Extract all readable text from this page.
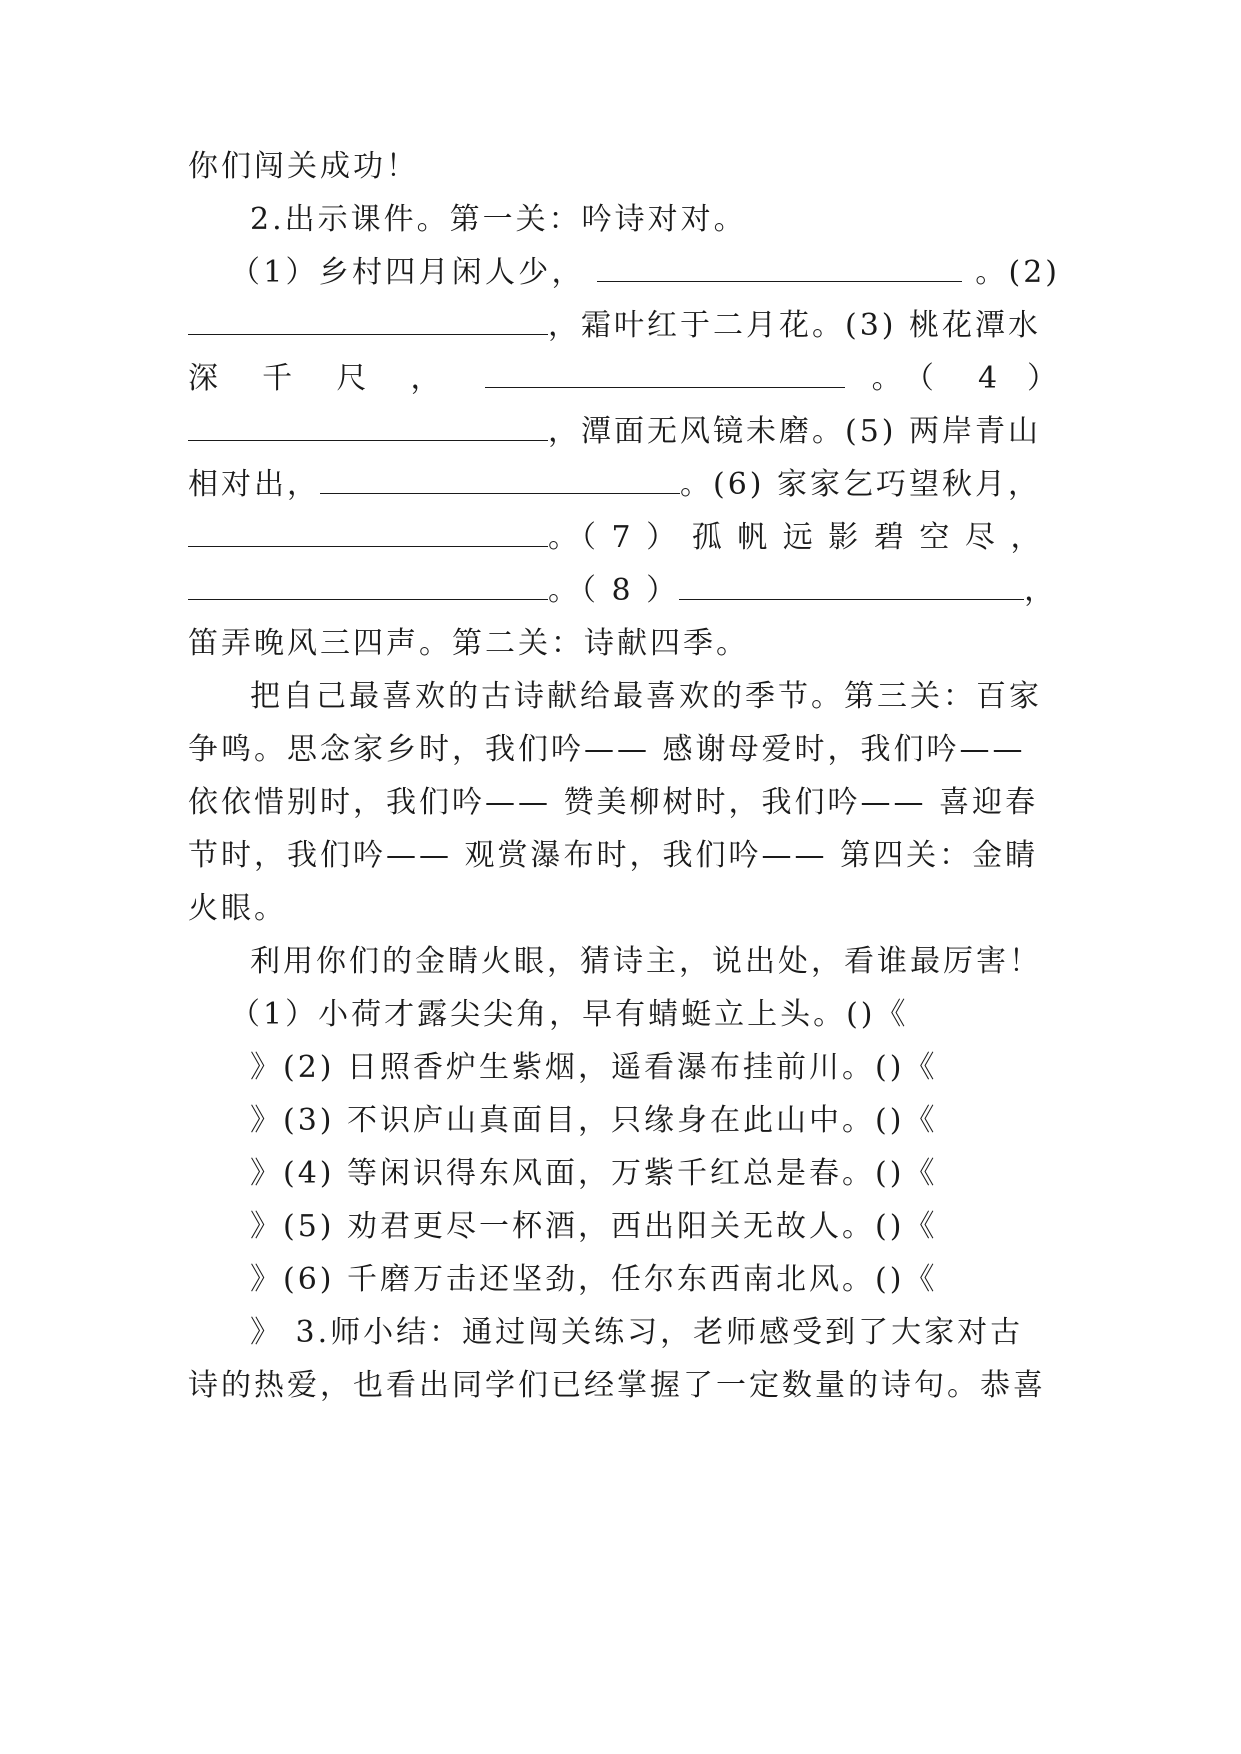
你们闯关成功！
2.出示课件。第一关：吟诗对对。
（1）乡村四月闲人少，	。(2)
，霜叶红于二月花。(3) 桃花潭水
深 千 尺 ，	。（ 4 ）
，潭面无风镜未磨。(5) 两岸青山
相对出，	。(6) 家家乞巧望秋月，
。（ 7 ） 孤 帆 远 影 碧 空 尽 ，
。（ 8 ）	，
笛弄晚风三四声。第二关：诗献四季。
把自己最喜欢的古诗献给最喜欢的季节。第三关：百家
争鸣。思念家乡时，我们吟—— 感谢母爱时，我们吟——
依依惜别时，我们吟—— 赞美柳树时，我们吟—— 喜迎春
节时，我们吟—— 观赏瀑布时，我们吟—— 第四关：金睛
火眼。
利用你们的金睛火眼，猜诗主，说出处，看谁最厉害！
（1）小荷才露尖尖角，早有蜻蜓立上头。()《
》(2) 日照香炉生紫烟，遥看瀑布挂前川。()《
》(3) 不识庐山真面目，只缘身在此山中。()《
》(4) 等闲识得东风面，万紫千红总是春。()《
》(5) 劝君更尽一杯酒，西出阳关无故人。()《
》(6) 千磨万击还坚劲，任尔东西南北风。()《
》 3.师小结：通过闯关练习，老师感受到了大家对古
诗的热爱，也看出同学们已经掌握了一定数量的诗句。恭喜
